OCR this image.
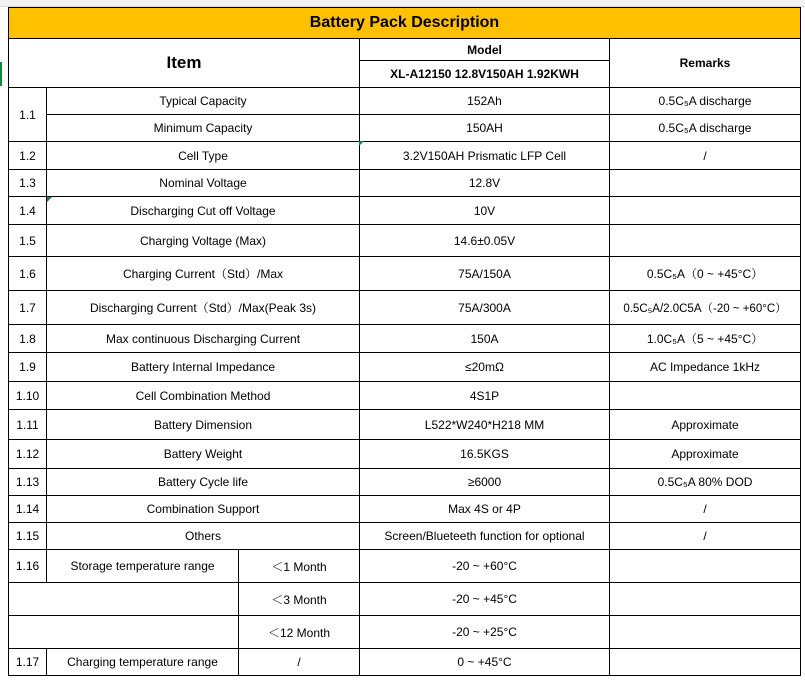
Battery Pack Description				
Item			Model	Remarks
			XL-A12150 12.8V150AH 1.92KWH	
1.1	Typical Capacity		152Ah	0.5C₅A discharge
	Minimum Capacity		150AH	0.5C₅A discharge
1.2	Cell Type		3.2V150AH Prismatic LFP Cell	/
1.3	Nominal Voltage		12.8V	
1.4	Discharging Cut off Voltage		10V	
1.5	Charging Voltage (Max)		14.6±0.05V	
1.6	Charging Current（Std）/Max		75A/150A	0.5C₅A（0 ~ +45°C）
1.7	Discharging Current（Std）/Max(Peak 3s)		75A/300A	0.5C₅A/2.0C5A（-20 ~ +60°C）
1.8	Max continuous Discharging Current		150A	1.0C₅A（5 ~ +45°C）
1.9	Battery Internal Impedance		≤20mΩ	AC Impedance 1kHz
1.10	Cell Combination Method		4S1P	
1.11	Battery Dimension		L522*W240*H218 MM	Approximate
1.12	Battery Weight		16.5KGS	Approximate
1.13	Battery Cycle life		≥6000	0.5C₅A 80% DOD
1.14	Combination Support		Max 4S or 4P	/
1.15	Others		Screen/Blueteeth function for optional	/
1.16	Storage temperature range	＜1 Month	-20 ~ +60°C	
		＜3 Month	-20 ~ +45°C	
		＜12 Month	-20 ~ +25°C	
1.17	Charging temperature range	/	0 ~ +45°C	
